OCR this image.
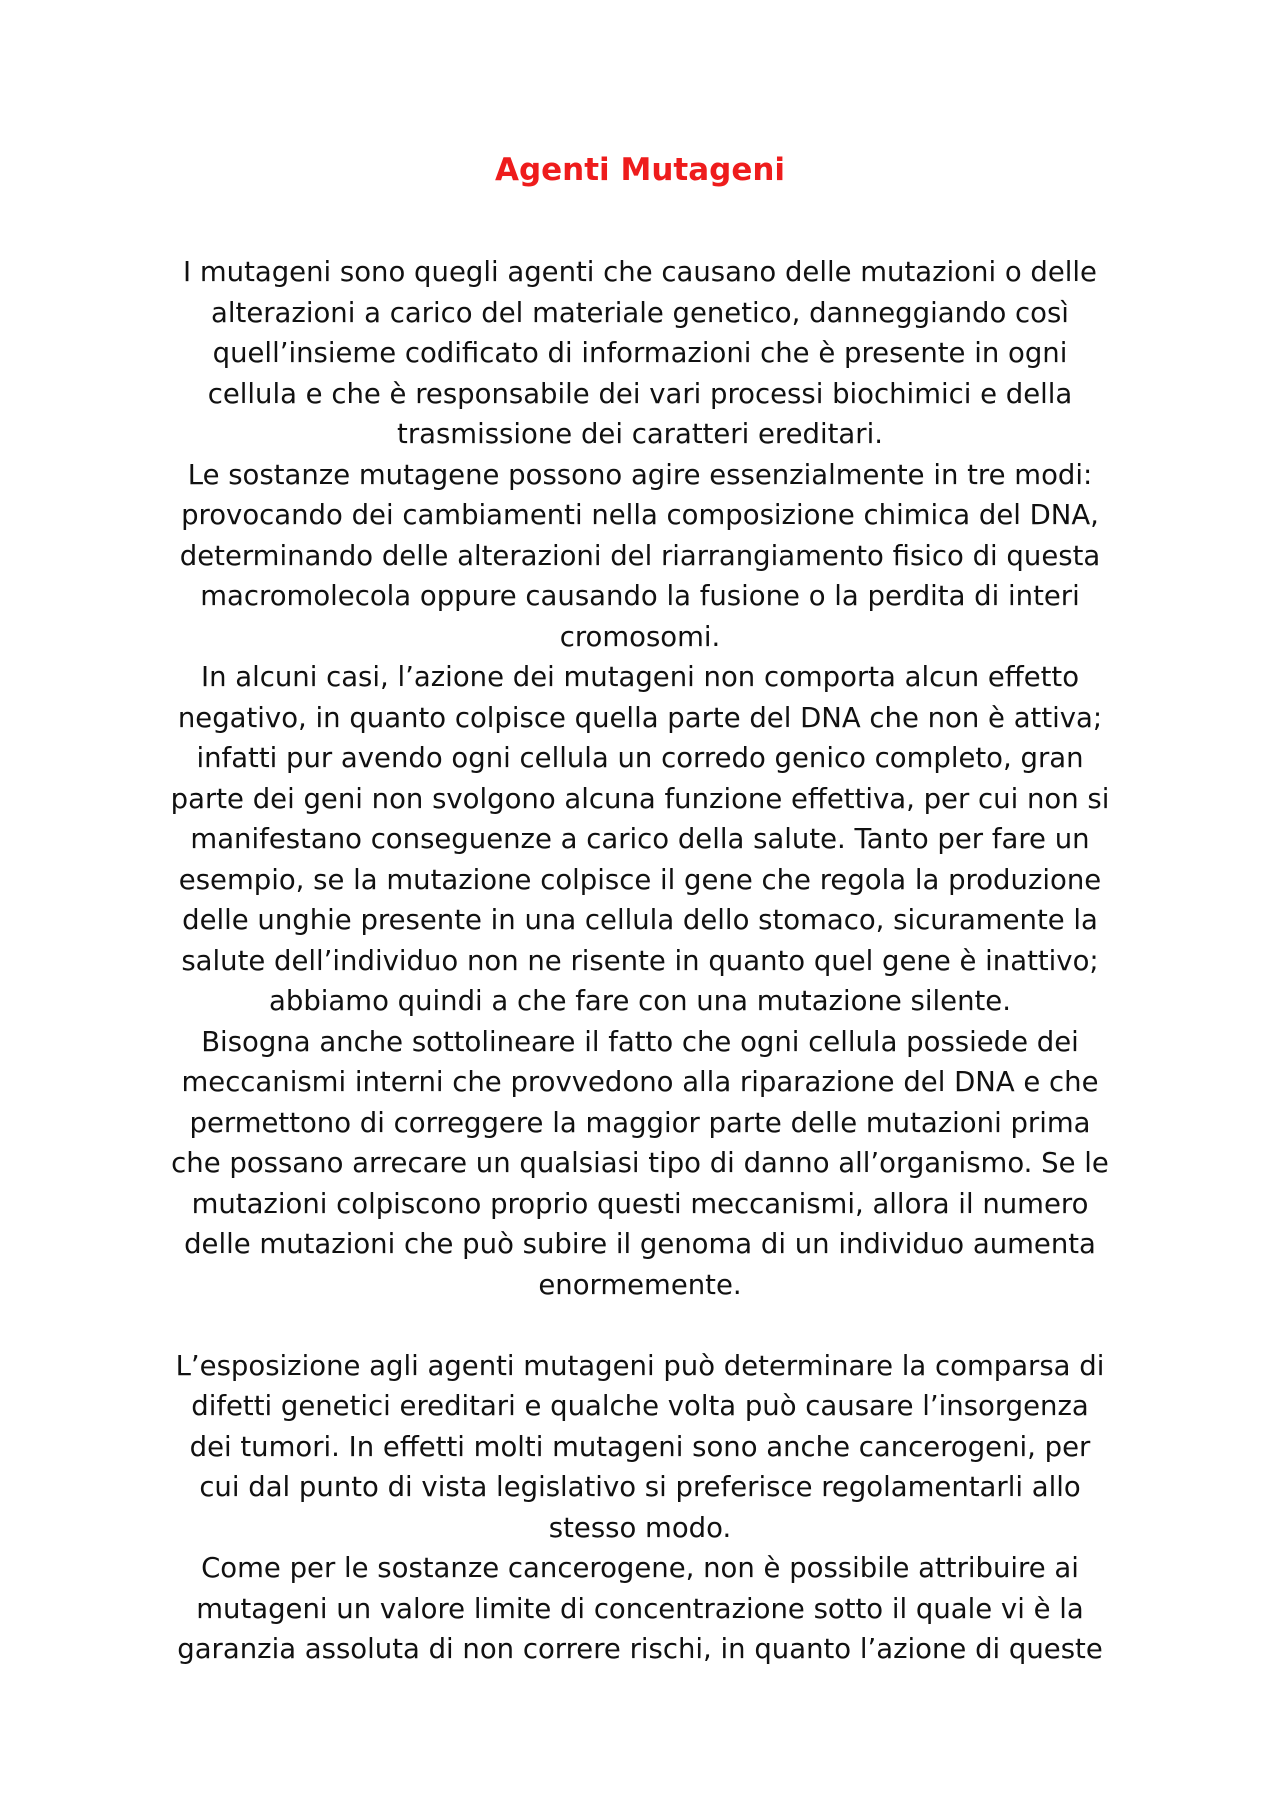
Agenti Mutageni
I mutageni sono quegli agenti che causano delle mutazioni o delle
alterazioni a carico del materiale genetico, danneggiando così
quell’insieme codificato di informazioni che è presente in ogni
cellula e che è responsabile dei vari processi biochimici e della
trasmissione dei caratteri ereditari.
Le sostanze mutagene possono agire essenzialmente in tre modi:
provocando dei cambiamenti nella composizione chimica del DNA,
determinando delle alterazioni del riarrangiamento fisico di questa
macromolecola oppure causando la fusione o la perdita di interi
cromosomi.
In alcuni casi, l’azione dei mutageni non comporta alcun effetto
negativo, in quanto colpisce quella parte del DNA che non è attiva;
infatti pur avendo ogni cellula un corredo genico completo, gran
parte dei geni non svolgono alcuna funzione effettiva, per cui non si
manifestano conseguenze a carico della salute. Tanto per fare un
esempio, se la mutazione colpisce il gene che regola la produzione
delle unghie presente in una cellula dello stomaco, sicuramente la
salute dell’individuo non ne risente in quanto quel gene è inattivo;
abbiamo quindi a che fare con una mutazione silente.
Bisogna anche sottolineare il fatto che ogni cellula possiede dei
meccanismi interni che provvedono alla riparazione del DNA e che
permettono di correggere la maggior parte delle mutazioni prima
che possano arrecare un qualsiasi tipo di danno all’organismo. Se le
mutazioni colpiscono proprio questi meccanismi, allora il numero
delle mutazioni che può subire il genoma di un individuo aumenta
enormemente.
L’esposizione agli agenti mutageni può determinare la comparsa di
difetti genetici ereditari e qualche volta può causare l’insorgenza
dei tumori. In effetti molti mutageni sono anche cancerogeni, per
cui dal punto di vista legislativo si preferisce regolamentarli allo
stesso modo.
Come per le sostanze cancerogene, non è possibile attribuire ai
mutageni un valore limite di concentrazione sotto il quale vi è la
garanzia assoluta di non correre rischi, in quanto l’azione di queste
